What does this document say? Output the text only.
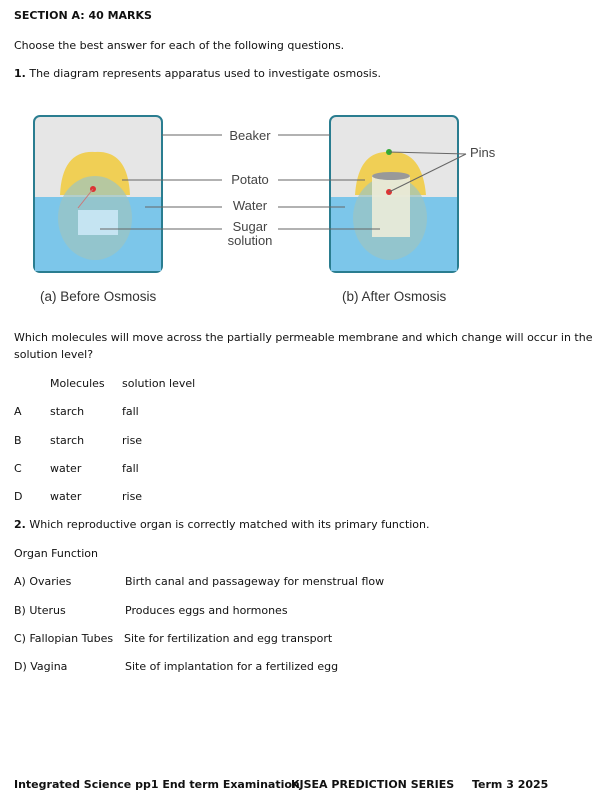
SECTION A: 40 MARKS
Choose the best answer for each of the following questions.
1. The diagram represents apparatus used to investigate osmosis.
Beaker
Potato
Water
Sugar
solution
Pins
(a) Before Osmosis	(b) After Osmosis
Which molecules will move across the partially permeable membrane and which change will occur in the
solution level?
Molecules solution level
A	starch	fall
B	starch	rise
C	water	fall
D	water	rise
2. Which reproductive organ is correctly matched with its primary function.
Organ Function
A) Ovaries	Birth canal and passageway for menstrual flow
B) Uterus	Produces eggs and hormones
C) Fallopian Tubes Site for fertilization and egg transport
D) Vagina	Site of implantation for a fertilized egg
Integrated Science pp1 End term Examination
KJSEA PREDICTION SERIES Term 3 2025
